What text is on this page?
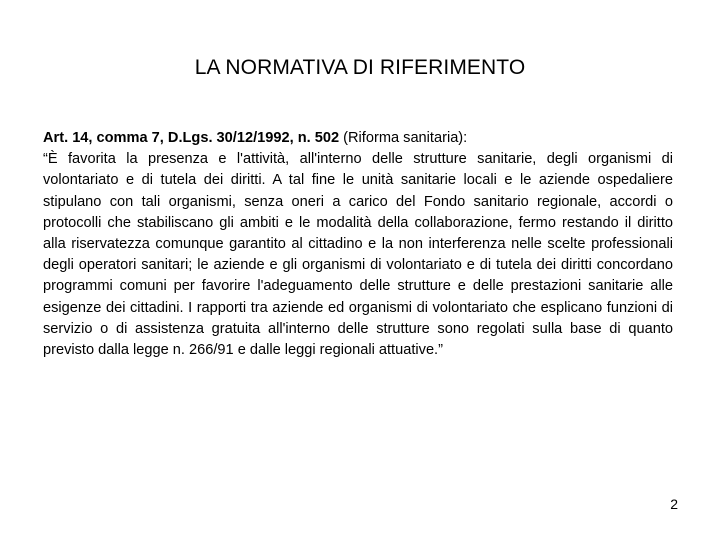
LA NORMATIVA DI RIFERIMENTO
Art. 14, comma 7, D.Lgs. 30/12/1992, n. 502 (Riforma sanitaria):
“È favorita la presenza e l'attività, all'interno delle strutture sanitarie, degli organismi di volontariato e di tutela dei diritti. A tal fine le unità sanitarie locali e le aziende ospedaliere stipulano con tali organismi, senza oneri a carico del Fondo sanitario regionale, accordi o protocolli che stabiliscano gli ambiti e le modalità della collaborazione, fermo restando il diritto alla riservatezza comunque garantito al cittadino e la non interferenza nelle scelte professionali degli operatori sanitari; le aziende e gli organismi di volontariato e di tutela dei diritti concordano programmi comuni per favorire l'adeguamento delle strutture e delle prestazioni sanitarie alle esigenze dei cittadini. I rapporti tra aziende ed organismi di volontariato che esplicano funzioni di servizio o di assistenza gratuita all'interno delle strutture sono regolati sulla base di quanto previsto dalla legge n. 266/91 e dalle leggi regionali attuative.”
2
